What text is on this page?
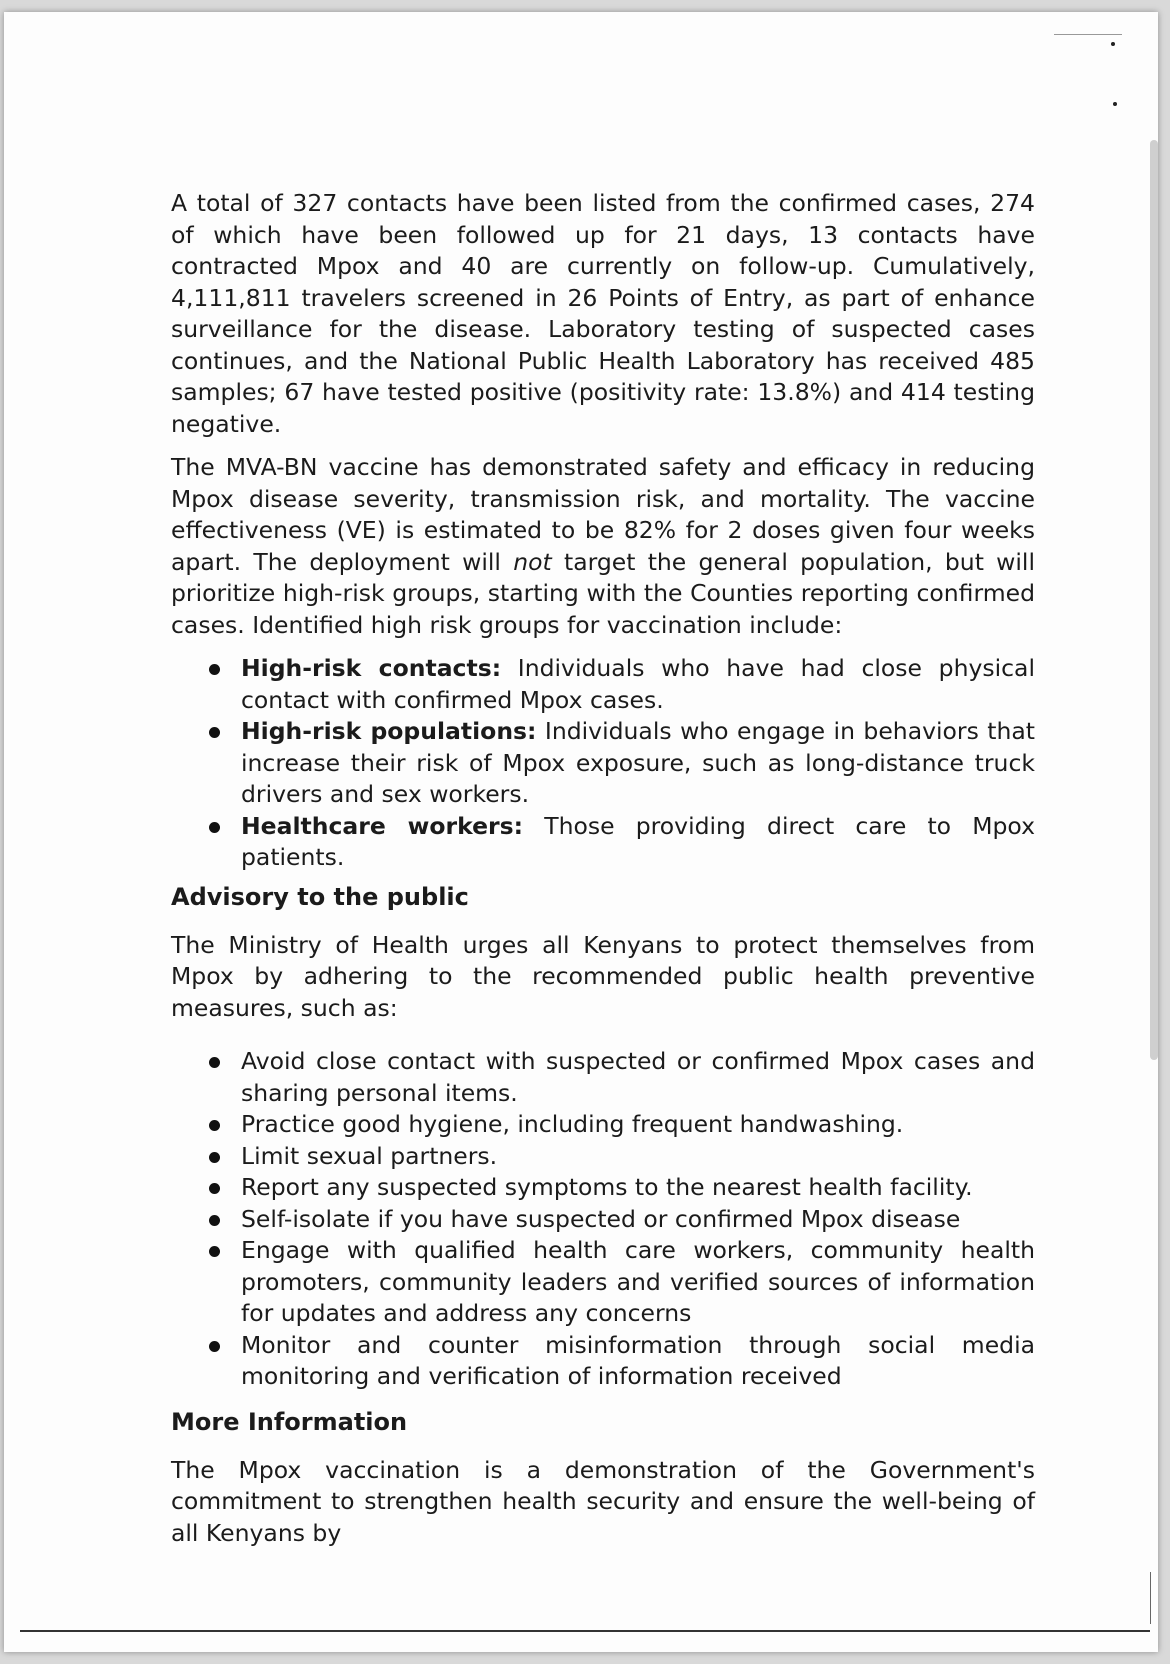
A total of 327 contacts have been listed from the confirmed cases, 274 of which have been followed up for 21 days, 13 contacts have contracted Mpox and 40 are currently on follow-up. Cumulatively, 4,111,811 travelers screened in 26 Points of Entry, as part of enhance surveillance for the disease. Laboratory testing of suspected cases continues, and the National Public Health Laboratory has received 485 samples; 67 have tested positive (positivity rate: 13.8%) and 414 testing negative.

The MVA-BN vaccine has demonstrated safety and efficacy in reducing Mpox disease severity, transmission risk, and mortality. The vaccine effectiveness (VE) is estimated to be 82% for 2 doses given four weeks apart. The deployment will not target the general population, but will prioritize high-risk groups, starting with the Counties reporting confirmed cases. Identified high risk groups for vaccination include:

High-risk contacts: Individuals who have had close physical contact with confirmed Mpox cases.
High-risk populations: Individuals who engage in behaviors that increase their risk of Mpox exposure, such as long-distance truck drivers and sex workers.
Healthcare workers: Those providing direct care to Mpox patients.
Advisory to the public

The Ministry of Health urges all Kenyans to protect themselves from Mpox by adhering to the recommended public health preventive measures, such as:

Avoid close contact with suspected or confirmed Mpox cases and sharing personal items.
Practice good hygiene, including frequent handwashing.
Limit sexual partners.
Report any suspected symptoms to the nearest health facility.
Self-isolate if you have suspected or confirmed Mpox disease
Engage with qualified health care workers, community health promoters, community leaders and verified sources of information for updates and address any concerns
Monitor and counter misinformation through social media monitoring and verification of information received
More Information

The Mpox vaccination is a demonstration of the Government's commitment to strengthen health security and ensure the well-being of all Kenyans by
